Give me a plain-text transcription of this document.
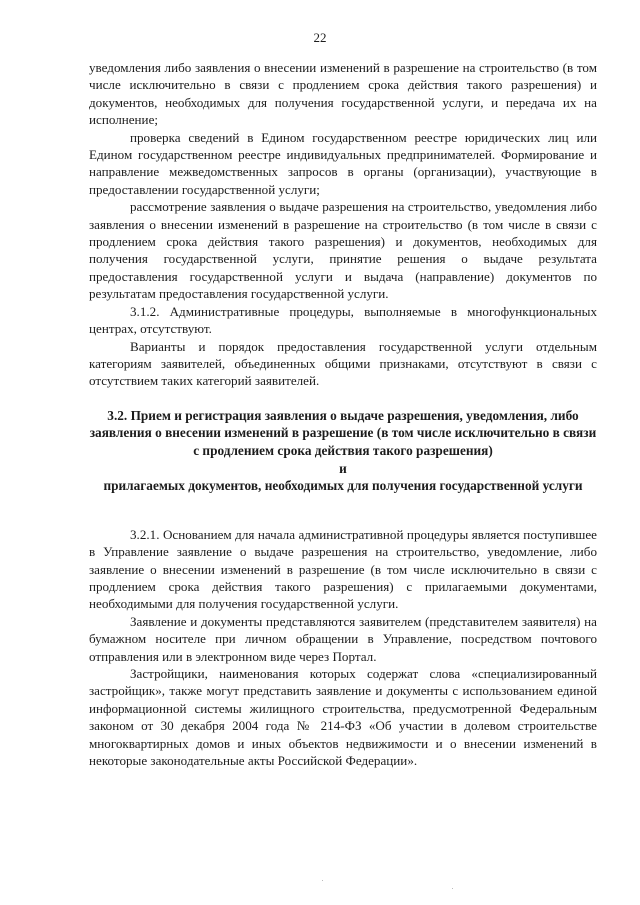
22

уведомления либо заявления о внесении изменений в разрешение на строительство (в том числе исключительно в связи с продлением срока действия такого разрешения) и документов, необходимых для получения государственной услуги, и передача их на исполнение;

проверка сведений в Едином государственном реестре юридических лиц или Едином государственном реестре индивидуальных предпринимателей. Формирование и направление межведомственных запросов в органы (организации), участвующие в предоставлении государственной услуги;

рассмотрение заявления о выдаче разрешения на строительство, уведомления либо заявления о внесении изменений в разрешение на строительство (в том числе в связи с продлением срока действия такого разрешения) и документов, необходимых для получения государственной услуги, принятие решения о выдаче результата предоставления государственной услуги и выдача (направление) документов по результатам предоставления государственной услуги.

3.1.2. Административные процедуры, выполняемые в многофункциональных центрах, отсутствуют.

Варианты и порядок предоставления государственной услуги отдельным категориям заявителей, объединенных общими признаками, отсутствуют в связи с отсутствием таких категорий заявителей.

3.2. Прием и регистрация заявления о выдаче разрешения, уведомления, либо заявления о внесении изменений в разрешение (в том числе исключительно в связи с продлением срока действия такого разрешения)
и
прилагаемых документов, необходимых для получения государственной услуги

3.2.1. Основанием для начала административной процедуры является поступившее в Управление заявление о выдаче разрешения на строительство, уведомление, либо заявление о внесении изменений в разрешение (в том числе исключительно в связи с продлением срока действия такого разрешения) с прилагаемыми документами, необходимыми для получения государственной услуги.

Заявление и документы представляются заявителем (представителем заявителя) на бумажном носителе при личном обращении в Управление, посредством почтового отправления или в электронном виде через Портал.

Застройщики, наименования которых содержат слова «специализированный застройщик», также могут представить заявление и документы с использованием единой информационной системы жилищного строительства, предусмотренной Федеральным законом от 30 декабря 2004 года № 214-ФЗ «Об участии в долевом строительстве многоквартирных домов и иных объектов недвижимости и о внесении изменений в некоторые законодательные акты Российской Федерации».
